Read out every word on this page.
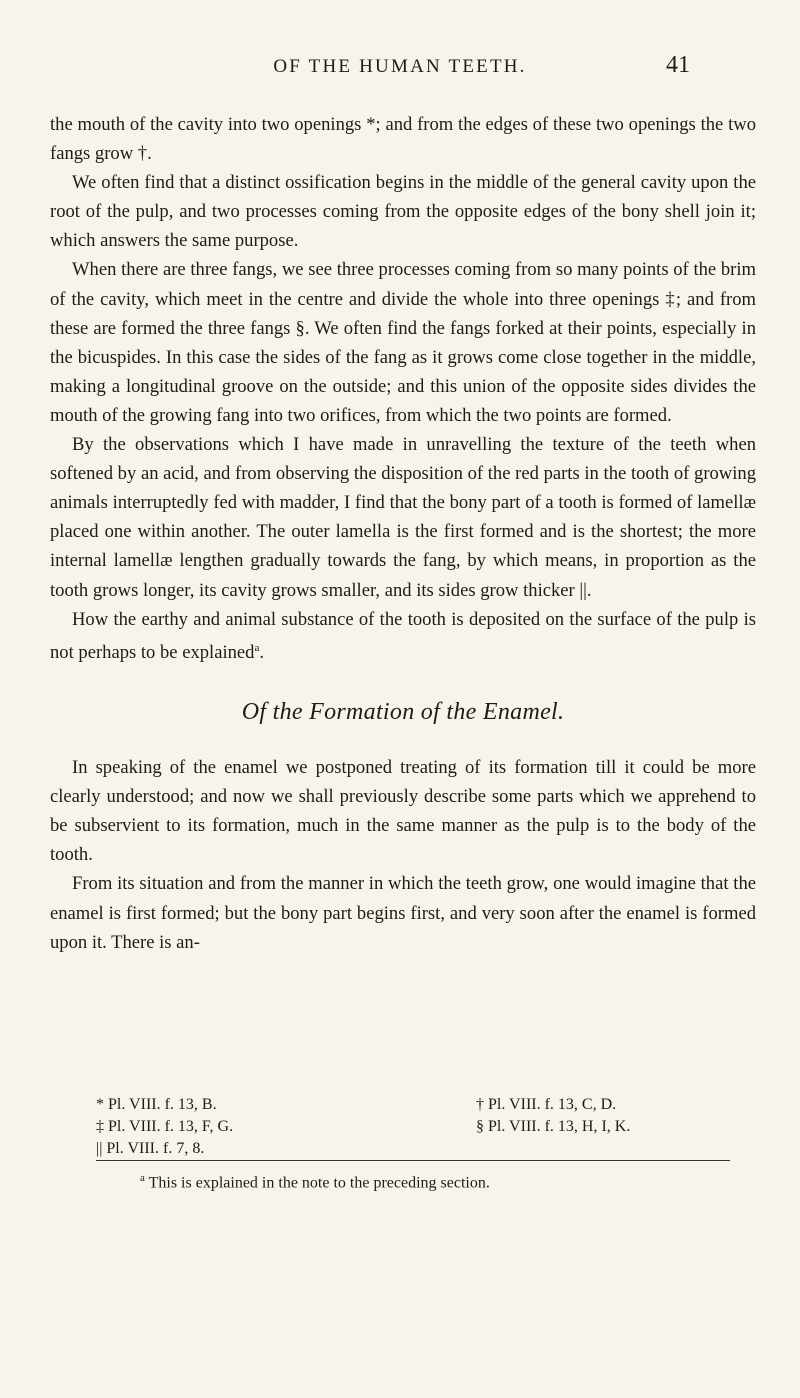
OF THE HUMAN TEETH.	41

the mouth of the cavity into two openings *; and from the edges of these two openings the two fangs grow †.

We often find that a distinct ossification begins in the middle of the general cavity upon the root of the pulp, and two processes coming from the opposite edges of the bony shell join it; which answers the same purpose.

When there are three fangs, we see three processes coming from so many points of the brim of the cavity, which meet in the centre and divide the whole into three openings ‡; and from these are formed the three fangs §. We often find the fangs forked at their points, especially in the bicuspides. In this case the sides of the fang as it grows come close together in the middle, making a longitudinal groove on the outside; and this union of the opposite sides divides the mouth of the growing fang into two orifices, from which the two points are formed.

By the observations which I have made in unravelling the texture of the teeth when softened by an acid, and from observing the disposition of the red parts in the tooth of growing animals interruptedly fed with madder, I find that the bony part of a tooth is formed of lamellæ placed one within another. The outer lamella is the first formed and is the shortest; the more internal lamellæ lengthen gradually towards the fang, by which means, in proportion as the tooth grows longer, its cavity grows smaller, and its sides grow thicker ||.

How the earthy and animal substance of the tooth is deposited on the surface of the pulp is not perhaps to be explained$^a$.

Of the Formation of the Enamel.

In speaking of the enamel we postponed treating of its formation till it could be more clearly understood; and now we shall previously describe some parts which we apprehend to be subservient to its formation, much in the same manner as the pulp is to the body of the tooth.

From its situation and from the manner in which the teeth grow, one would imagine that the enamel is first formed; but the bony part begins first, and very soon after the enamel is formed upon it. There is an-

* Pl. VIII. f. 13, B.	† Pl. VIII. f. 13, C, D.
‡ Pl. VIII. f. 13, F, G.	§ Pl. VIII. f. 13, H, I, K.
|| Pl. VIII. f. 7, 8.
$^a$ This is explained in the note to the preceding section.
